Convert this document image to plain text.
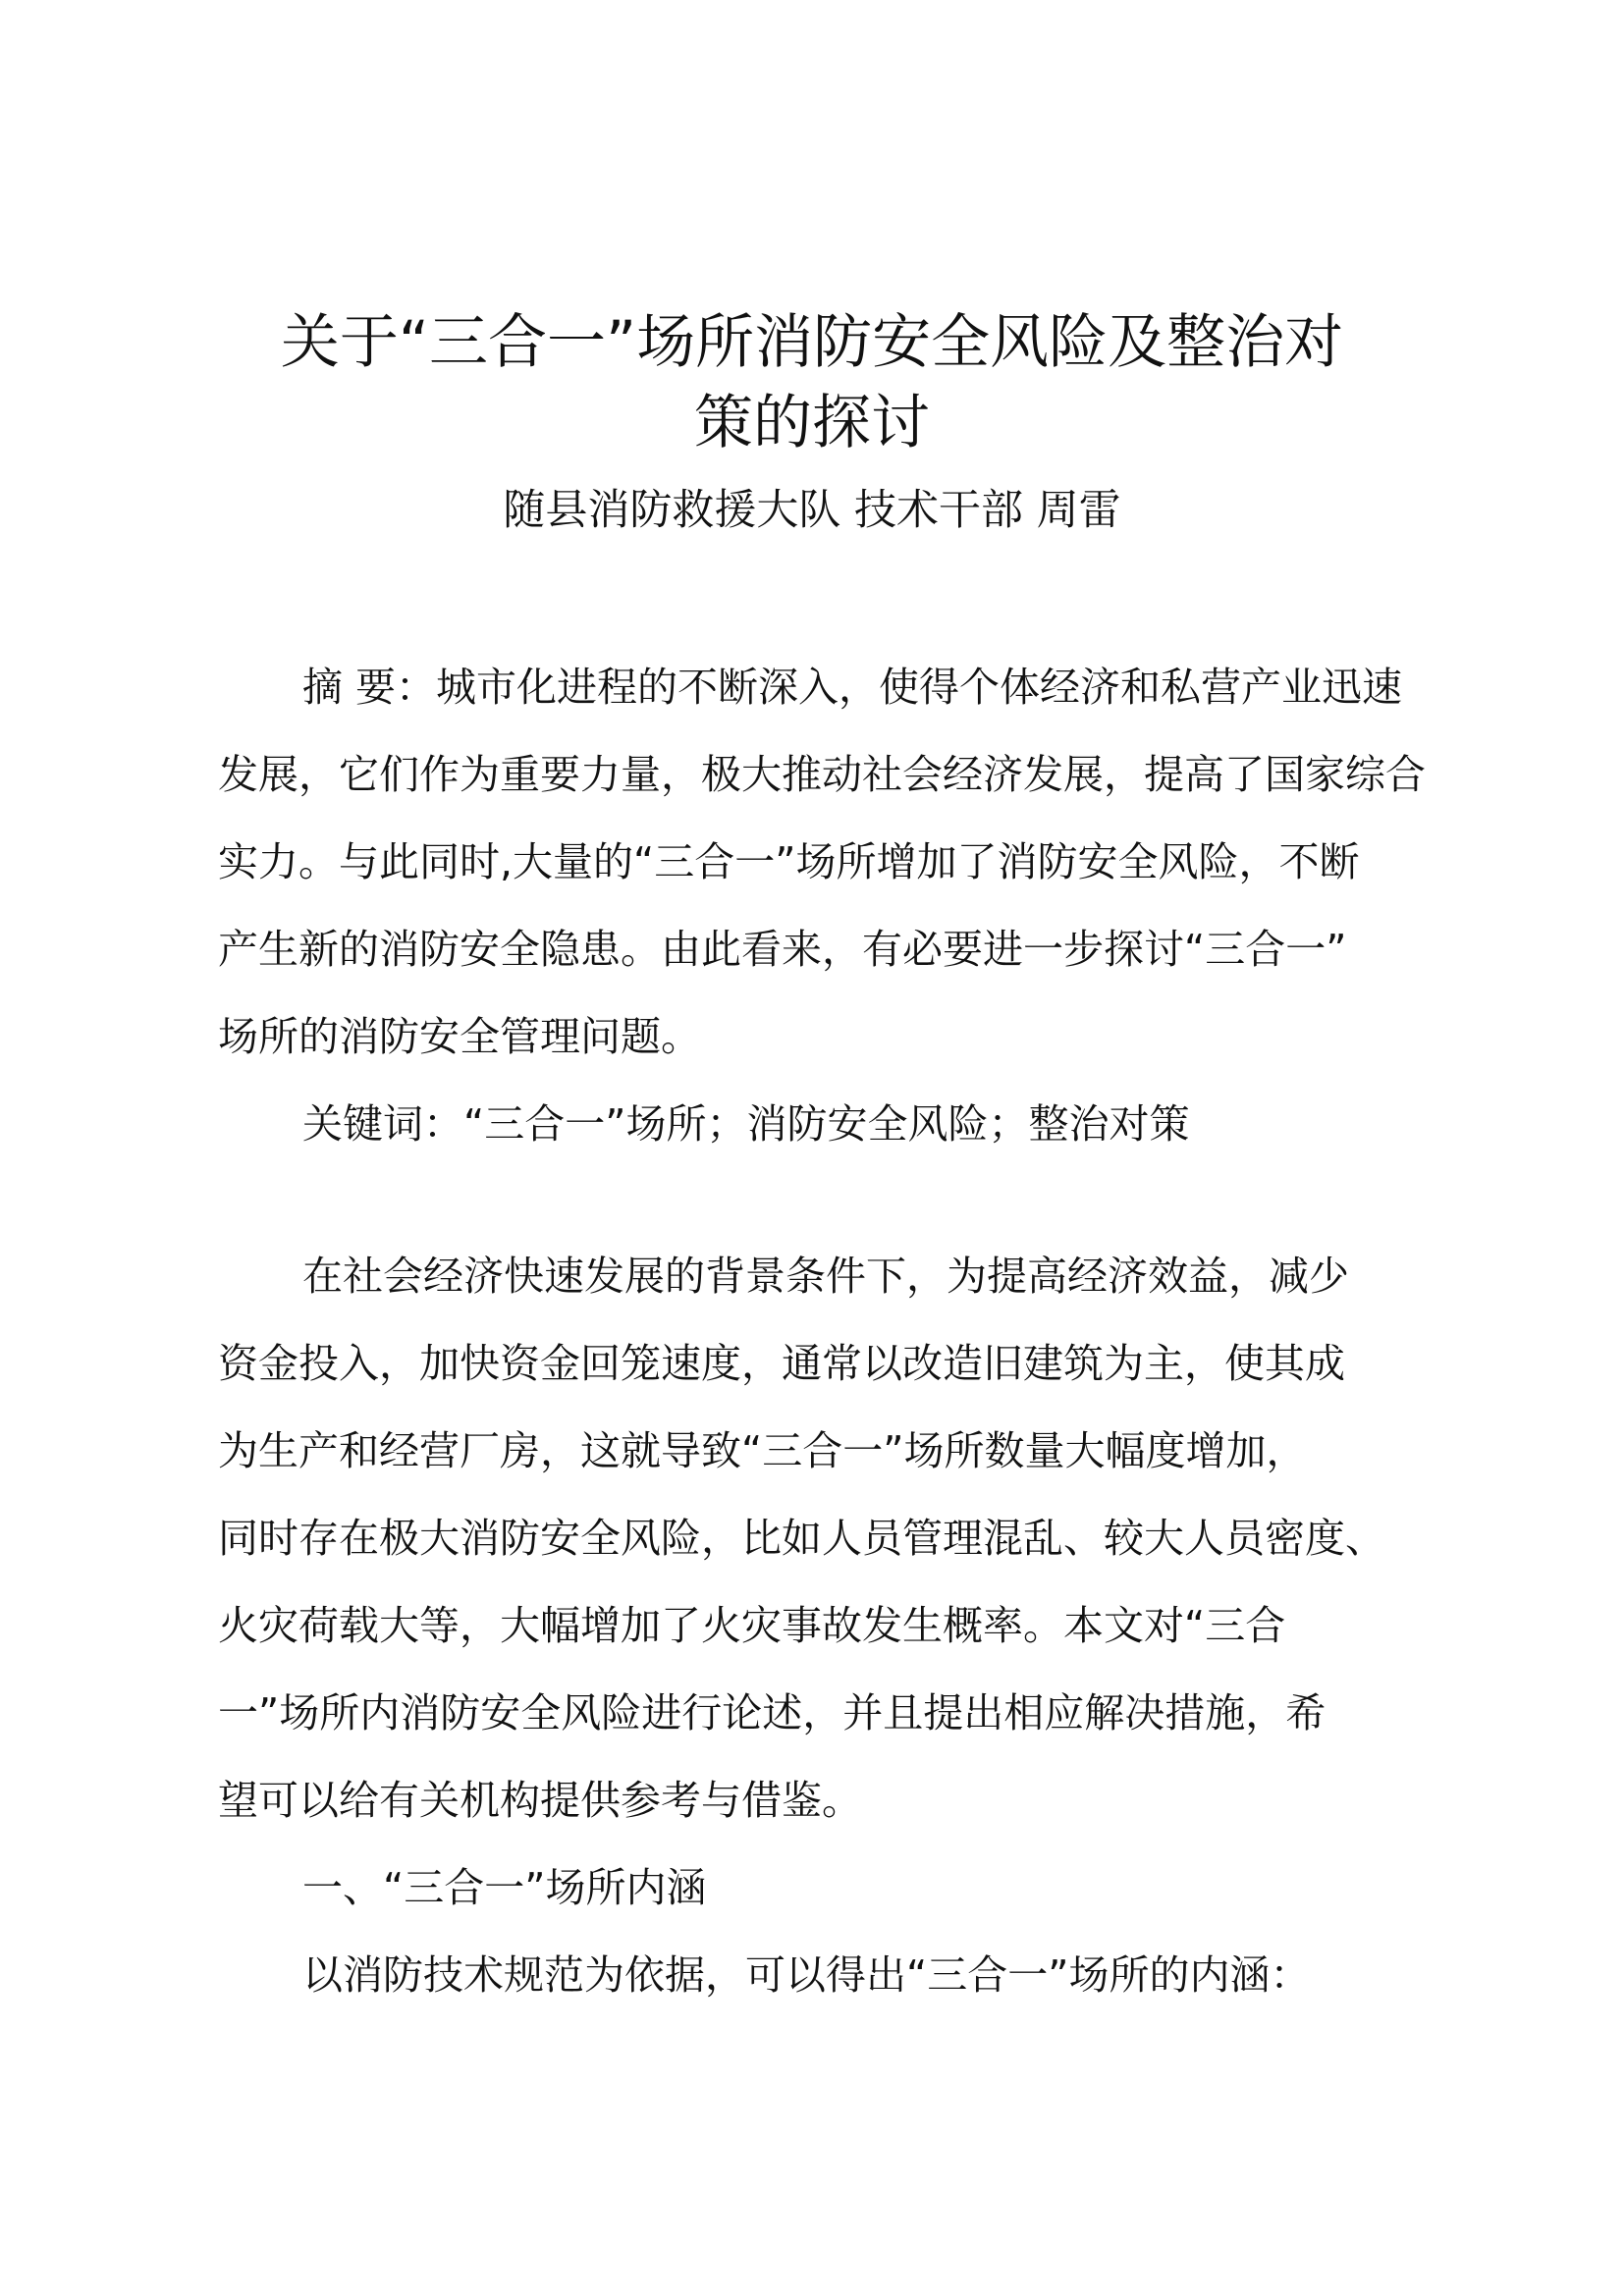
关于“三合一”场所消防安全风险及整治对
策的探讨
随县消防救援大队 技术干部 周雷
摘 要：城市化进程的不断深入，使得个体经济和私营产业迅速
发展，它们作为重要力量，极大推动社会经济发展，提高了国家综合
实力。与此同时,大量的“三合一”场所增加了消防安全风险，不断
产生新的消防安全隐患。由此看来，有必要进一步探讨“三合一”
场所的消防安全管理问题。
关键词：“三合一”场所；消防安全风险；整治对策
在社会经济快速发展的背景条件下，为提高经济效益，减少
资金投入，加快资金回笼速度，通常以改造旧建筑为主，使其成
为生产和经营厂房，这就导致“三合一”场所数量大幅度增加，
同时存在极大消防安全风险，比如人员管理混乱、较大人员密度、
火灾荷载大等，大幅增加了火灾事故发生概率。本文对“三合
一”场所内消防安全风险进行论述，并且提出相应解决措施，希
望可以给有关机构提供参考与借鉴。
一、“三合一”场所内涵
以消防技术规范为依据，可以得出“三合一”场所的内涵：
